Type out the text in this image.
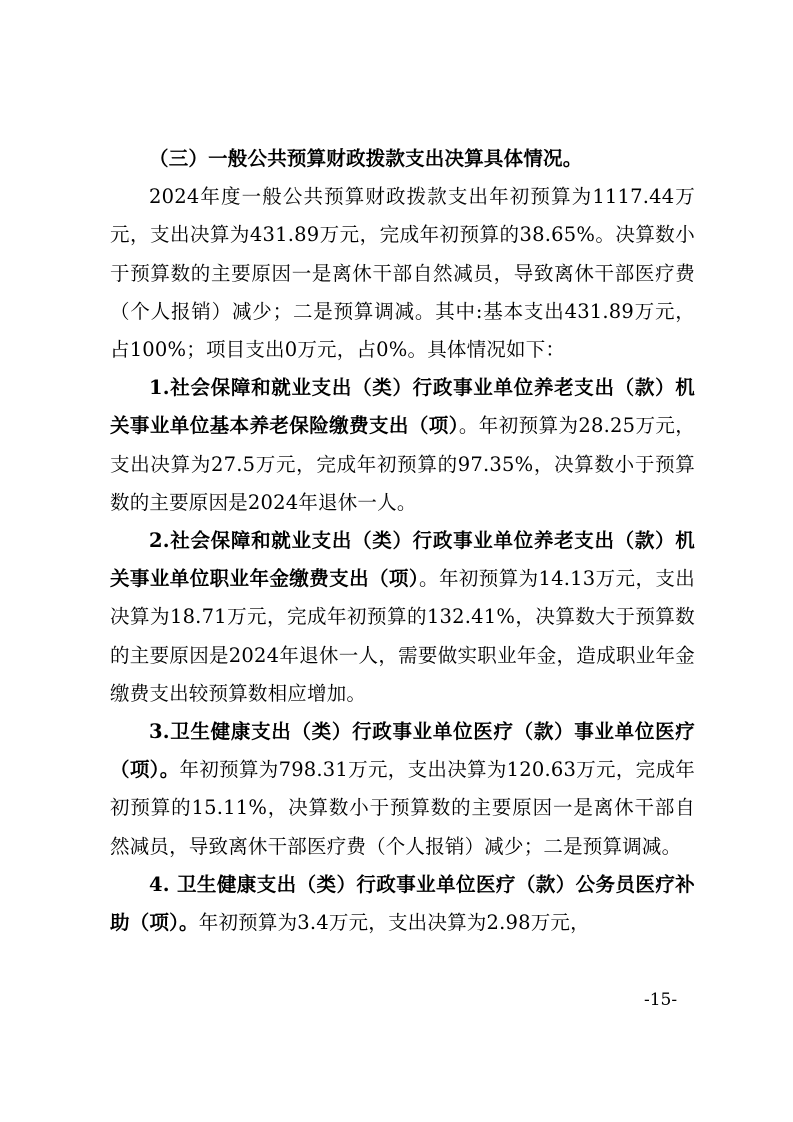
（三）一般公共预算财政拨款支出决算具体情况。

2024年度一般公共预算财政拨款支出年初预算为1117.44万元，支出决算为431.89万元，完成年初预算的38.65%。决算数小于预算数的主要原因一是离休干部自然减员，导致离休干部医疗费（个人报销）减少；二是预算调减。其中:基本支出431.89万元，占100%；项目支出0万元，占0%。具体情况如下：

1.社会保障和就业支出（类）行政事业单位养老支出（款）机关事业单位基本养老保险缴费支出（项）。年初预算为28.25万元，支出决算为27.5万元，完成年初预算的97.35%，决算数小于预算数的主要原因是2024年退休一人。

2.社会保障和就业支出（类）行政事业单位养老支出（款）机关事业单位职业年金缴费支出（项）。年初预算为14.13万元，支出决算为18.71万元，完成年初预算的132.41%，决算数大于预算数的主要原因是2024年退休一人，需要做实职业年金，造成职业年金缴费支出较预算数相应增加。

3.卫生健康支出（类）行政事业单位医疗（款）事业单位医疗（项）。年初预算为798.31万元，支出决算为120.63万元，完成年初预算的15.11%，决算数小于预算数的主要原因一是离休干部自然减员，导致离休干部医疗费（个人报销）减少；二是预算调减。

4. 卫生健康支出（类）行政事业单位医疗（款）公务员医疗补助（项）。年初预算为3.4万元，支出决算为2.98万元，

-15-
